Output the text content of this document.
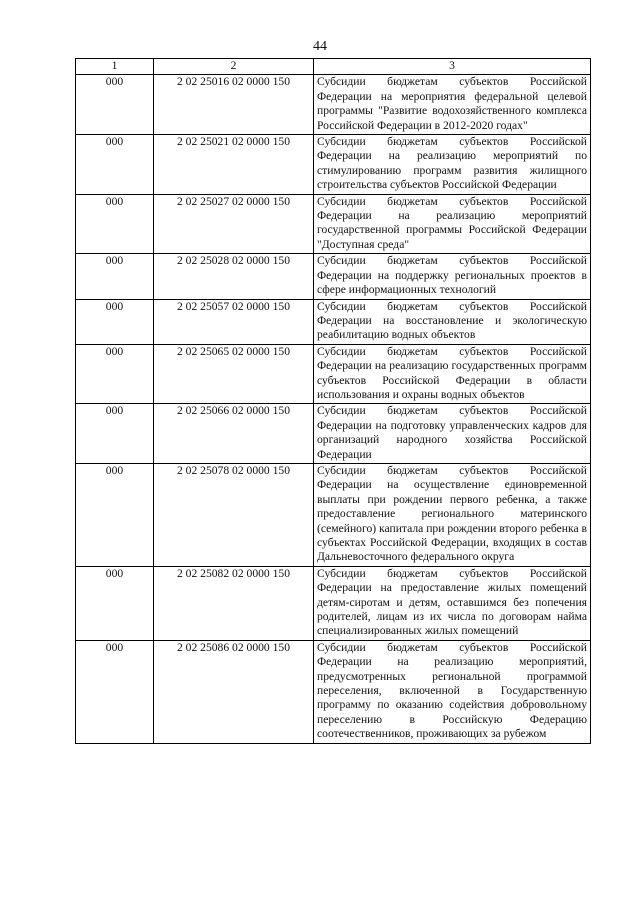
44
1	2	3
000	2 02 25016 02 0000 150	Субсидии бюджетам субъектов Российской Федерации на мероприятия федеральной целевой программы "Развитие водохозяйственного комплекса Российской Федерации в 2012-2020 годах"
000	2 02 25021 02 0000 150	Субсидии бюджетам субъектов Российской Федерации на реализацию мероприятий по стимулированию программ развития жилищного строительства субъектов Российской Федерации
000	2 02 25027 02 0000 150	Субсидии бюджетам субъектов Российской Федерации на реализацию мероприятий государственной программы Российской Федерации "Доступная среда"
000	2 02 25028 02 0000 150	Субсидии бюджетам субъектов Российской Федерации на поддержку региональных проектов в сфере информационных технологий
000	2 02 25057 02 0000 150	Субсидии бюджетам субъектов Российской Федерации на восстановление и экологическую реабилитацию водных объектов
000	2 02 25065 02 0000 150	Субсидии бюджетам субъектов Российской Федерации на реализацию государственных программ субъектов Российской Федерации в области использования и охраны водных объектов
000	2 02 25066 02 0000 150	Субсидии бюджетам субъектов Российской Федерации на подготовку управленческих кадров для организаций народного хозяйства Российской Федерации
000	2 02 25078 02 0000 150	Субсидии бюджетам субъектов Российской Федерации на осуществление единовременной выплаты при рождении первого ребенка, а также предоставление регионального материнского (семейного) капитала при рождении второго ребенка в субъектах Российской Федерации, входящих в состав Дальневосточного федерального округа
000	2 02 25082 02 0000 150	Субсидии бюджетам субъектов Российской Федерации на предоставление жилых помещений детям-сиротам и детям, оставшимся без попечения родителей, лицам из их числа по договорам найма специализированных жилых помещений
000	2 02 25086 02 0000 150	Субсидии бюджетам субъектов Российской Федерации на реализацию мероприятий, предусмотренных региональной программой переселения, включенной в Государственную программу по оказанию содействия добровольному переселению в Российскую Федерацию соотечественников, проживающих за рубежом
